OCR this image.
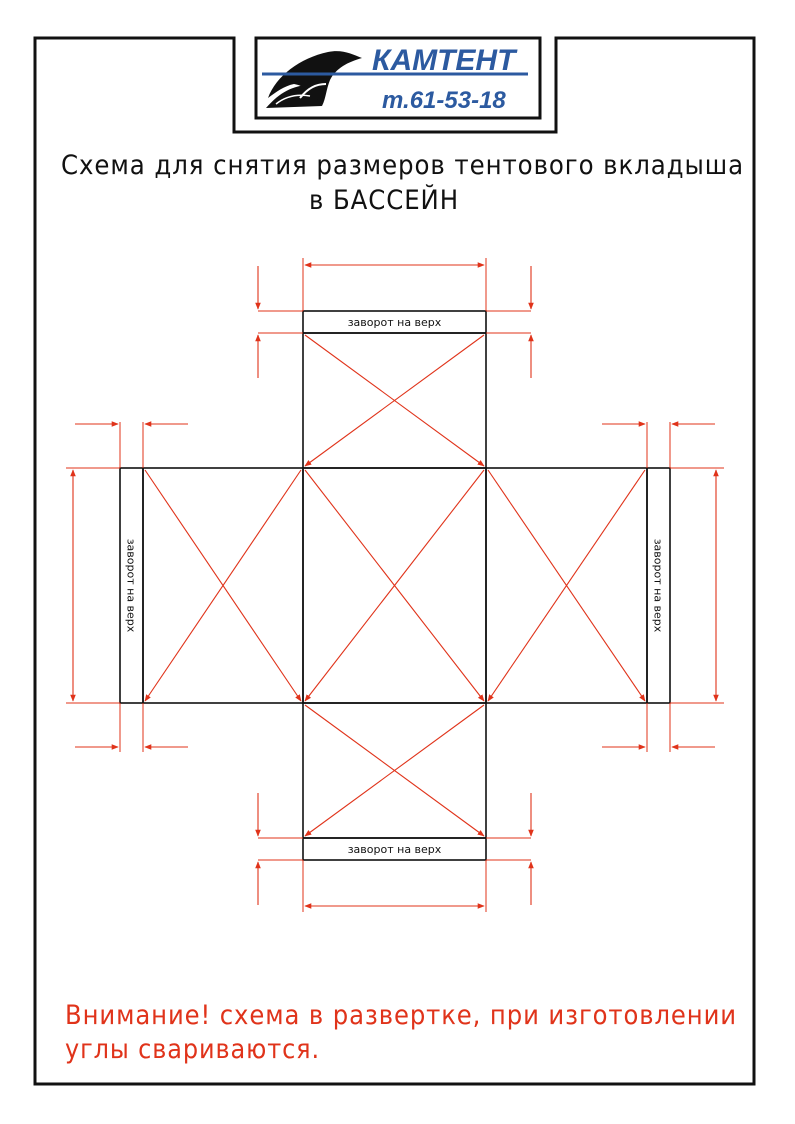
КАМТЕНТ
т.61-53-18
Схема для снятия размеров тентового вкладыша
в БАССЕЙН
заворот на верх
заворот на верх
заворот на верх	заворот на верх
Внимание! схема в развертке, при изготовлении
углы свариваются.
